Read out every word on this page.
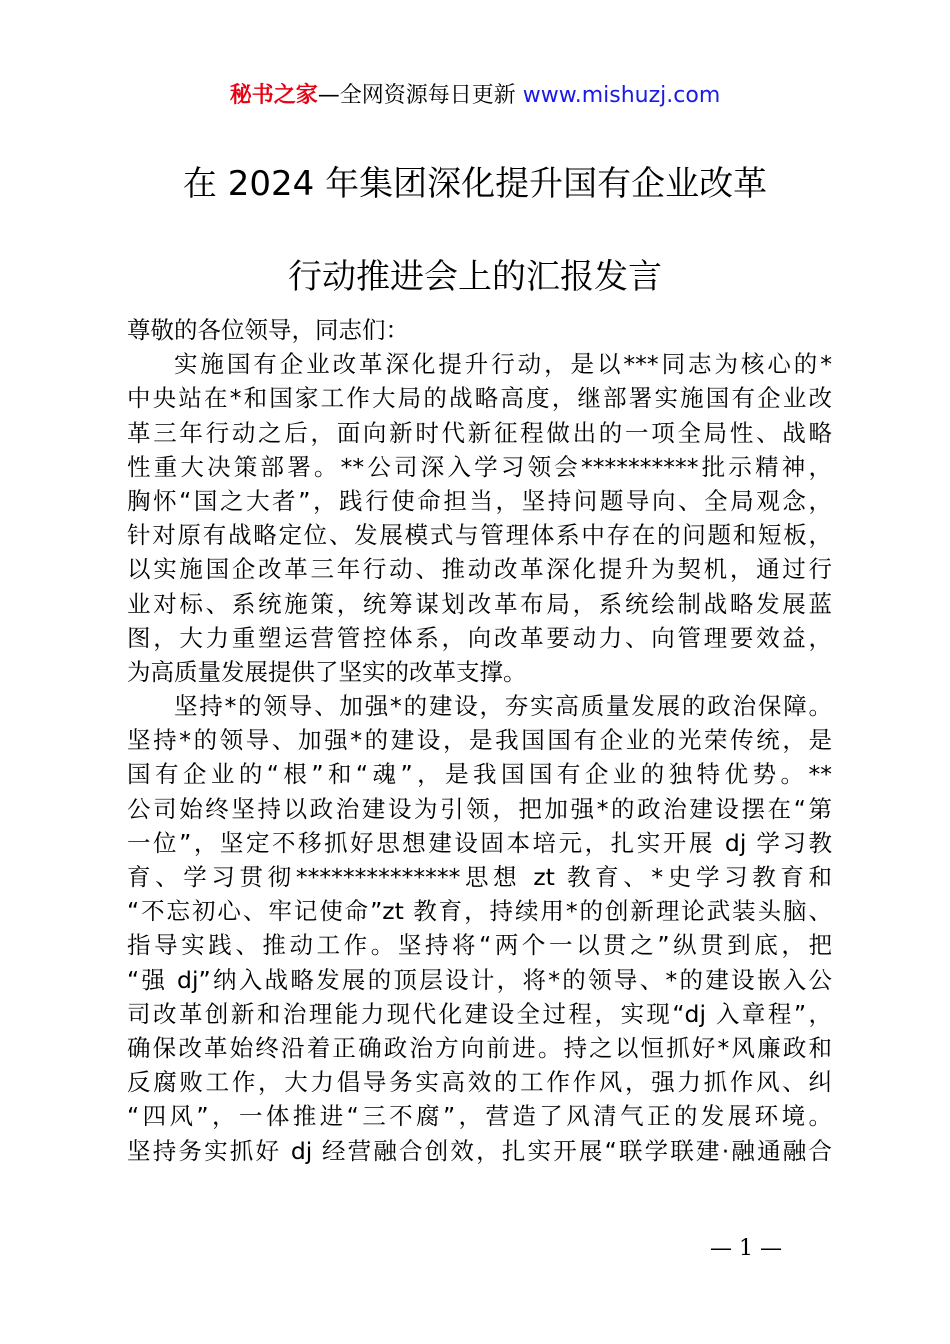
秘书之家—全网资源每日更新 www.mishuzj.com
在 2024 年集团深化提升国有企业改革
行动推进会上的汇报发言
尊敬的各位领导，同志们：
实施国有企业改革深化提升行动，是以***同志为核心的*
中央站在*和国家工作大局的战略高度，继部署实施国有企业改
革三年行动之后，面向新时代新征程做出的一项全局性、战略
性重大决策部署。**公司深入学习领会**********批示精神，
胸怀“国之大者”，践行使命担当，坚持问题导向、全局观念，
针对原有战略定位、发展模式与管理体系中存在的问题和短板，
以实施国企改革三年行动、推动改革深化提升为契机，通过行
业对标、系统施策，统筹谋划改革布局，系统绘制战略发展蓝
图，大力重塑运营管控体系，向改革要动力、向管理要效益，
为高质量发展提供了坚实的改革支撑。
坚持*的领导、加强*的建设，夯实高质量发展的政治保障。
坚持*的领导、加强*的建设，是我国国有企业的光荣传统，是
国有企业的“根”和“魂”，是我国国有企业的独特优势。**
公司始终坚持以政治建设为引领，把加强*的政治建设摆在“第
一位”，坚定不移抓好思想建设固本培元，扎实开展 dj 学习教
育、学习贯彻**************思想 zt 教育、*史学习教育和
“不忘初心、牢记使命”zt 教育，持续用*的创新理论武装头脑、
指导实践、推动工作。坚持将“两个一以贯之”纵贯到底，把
“强 dj”纳入战略发展的顶层设计，将*的领导、*的建设嵌入公
司改革创新和治理能力现代化建设全过程，实现“dj 入章程”，
确保改革始终沿着正确政治方向前进。持之以恒抓好*风廉政和
反腐败工作，大力倡导务实高效的工作作风，强力抓作风、纠
“四风”，一体推进“三不腐”，营造了风清气正的发展环境。
坚持务实抓好 dj 经营融合创效，扎实开展“联学联建·融通融合
— 1 —
